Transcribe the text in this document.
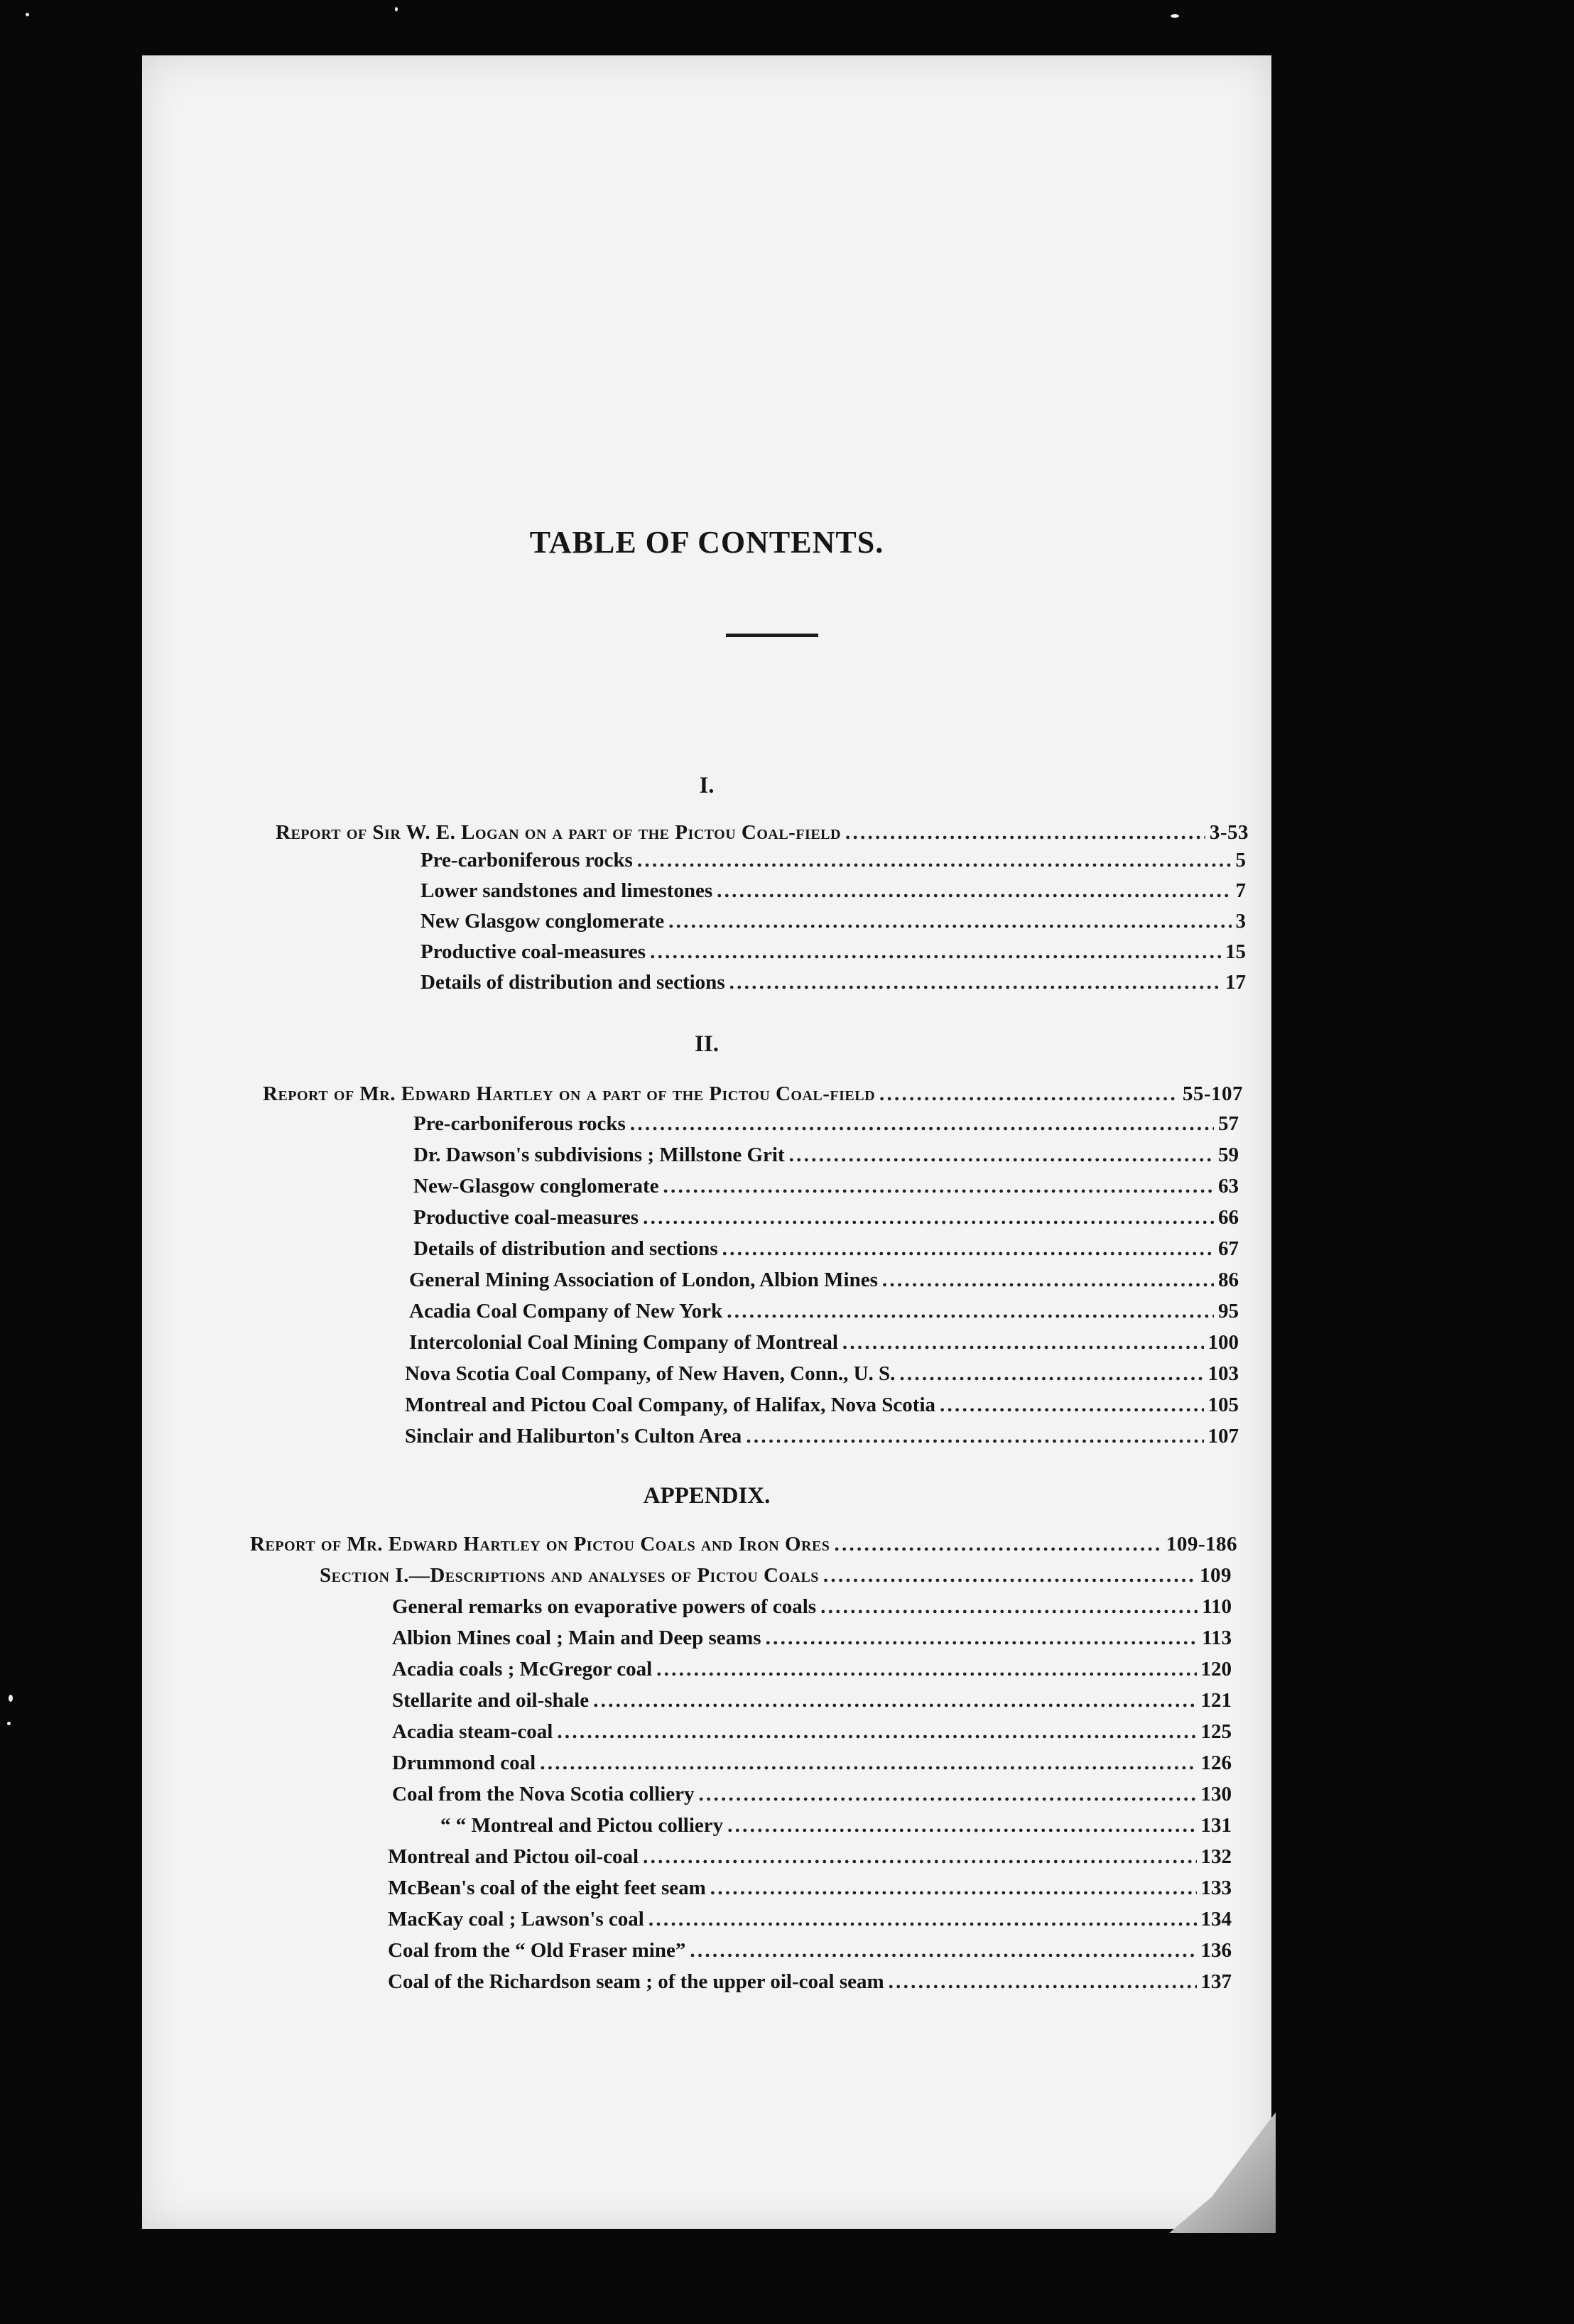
TABLE OF CONTENTS.
I.
Report of Sir W. E. Logan on a part of the Pictou Coal-field . . .	3-53
Pre-carboniferous rocks . . .	5
Lower sandstones and limestones . . .	7
New Glasgow conglomerate . . .	3
Productive coal-measures . . .	15
Details of distribution and sections . . .	17
II.
Report of Mr. Edward Hartley on a part of the Pictou Coal-field . . .	55-107
Pre-carboniferous rocks . . .	57
Dr. Dawson's subdivisions ; Millstone Grit . . .	59
New-Glasgow conglomerate . . .	63
Productive coal-measures . . .	66
Details of distribution and sections . . .	67
General Mining Association of London, Albion Mines . . .	86
Acadia Coal Company of New York . . .	95
Intercolonial Coal Mining Company of Montreal . . .	100
Nova Scotia Coal Company, of New Haven, Conn., U. S. . . .	103
Montreal and Pictou Coal Company, of Halifax, Nova Scotia . . .	105
Sinclair and Haliburton's Culton Area . . .	107
APPENDIX.
Report of Mr. Edward Hartley on Pictou Coals and Iron Ores . . .	109-186
Section I.—Descriptions and analyses of Pictou Coals . . .	109
General remarks on evaporative powers of coals . . .	110
Albion Mines coal ; Main and Deep seams . . .	113
Acadia coals ; McGregor coal . . .	120
Stellarite and oil-shale . . .	121
Acadia steam-coal . . .	125
Drummond coal . . .	126
Coal from the Nova Scotia colliery . . .	130
“ “ Montreal and Pictou colliery . . .	131
Montreal and Pictou oil-coal . . .	132
McBean's coal of the eight feet seam . . .	133
MacKay coal ; Lawson's coal . . .	134
Coal from the “ Old Fraser mine” . . .	136
Coal of the Richardson seam ; of the upper oil-coal seam . . .	137
